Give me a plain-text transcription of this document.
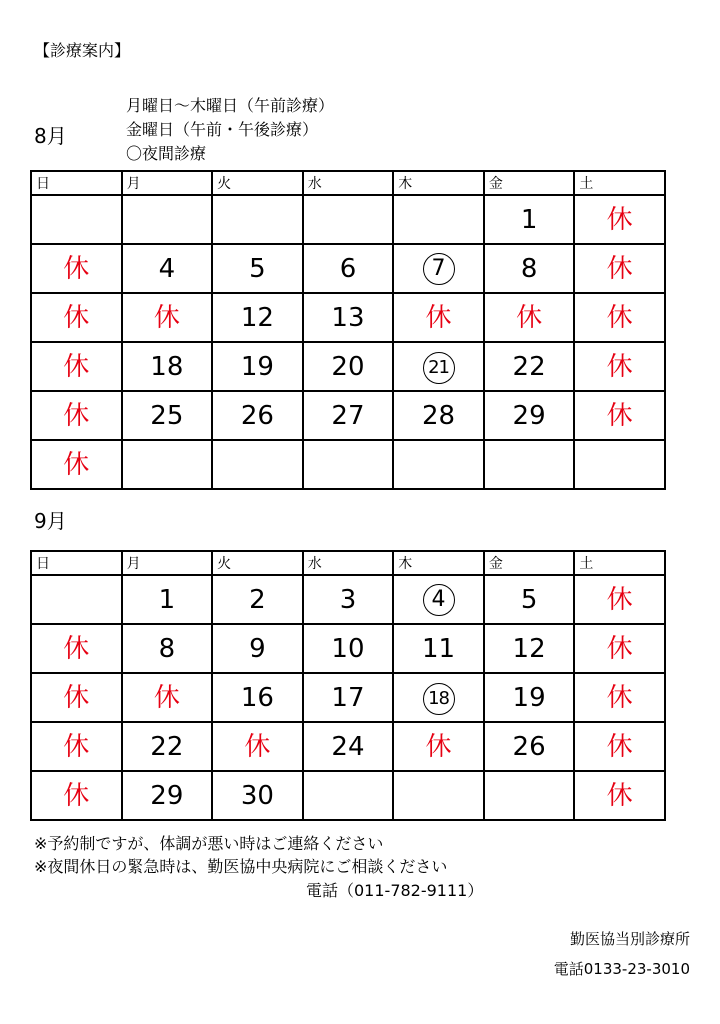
【診療案内】
8月
月曜日～木曜日（午前診療）
金曜日（午前・午後診療）
〇夜間診療
日	月	火	水	木	金	土
					1	休
休	4	5	6	7	8	休
休	休	12	13	休	休	休
休	18	19	20	21	22	休
休	25	26	27	28	29	休
休						
9月
日	月	火	水	木	金	土
	1	2	3	4	5	休
休	8	9	10	11	12	休
休	休	16	17	18	19	休
休	22	休	24	休	26	休
休	29	30				休
※予約制ですが、体調が悪い時はご連絡ください
※夜間休日の緊急時は、勤医協中央病院にご相談ください
電話（011-782-9111）
勤医協当別診療所
電話0133-23-3010
